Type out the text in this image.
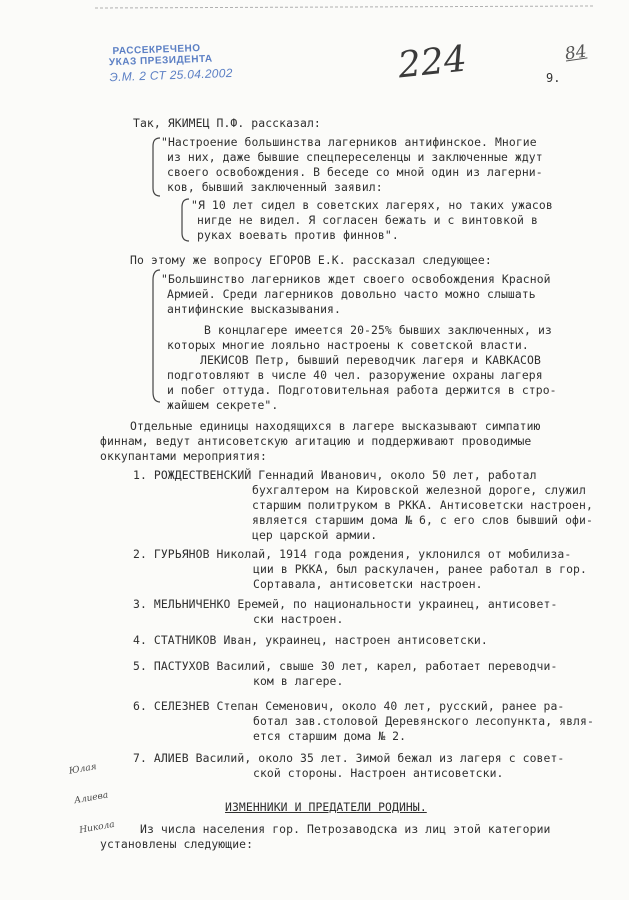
РАССЕКРЕЧЕНО
УКАЗ ПРЕЗИДЕНТА
Э.М. 2 СТ 25.04.2002	224	9.
84
Так, ЯКИМЕЦ П.Ф. рассказал:
"Настроение большинства лагерников антифинское. Многие
из них, даже бывшие спецпереселенцы и заключенные ждут
своего освобождения. В беседе со мной один из лагерни-
ков, бывший заключенный заявил:
"Я 10 лет сидел в советских лагерях, но таких ужасов
нигде не видел. Я согласен бежать и с винтовкой в
руках воевать против финнов".
По этому же вопросу ЕГОРОВ Е.К. рассказал следующее:
"Большинство лагерников ждет своего освобождения Красной
Армией. Среди лагерников довольно часто можно слышать
антифинские высказывания.
В концлагере имеется 20-25% бывших заключенных, из
которых многие лояльно настроены к советской власти.
ЛЕКИСОВ Петр, бывший переводчик лагеря и КАВКАСОВ
подготовляют в числе 40 чел. разоружение охраны лагеря
и побег оттуда. Подготовительная работа держится в стро-
жайшем секрете".
Отдельные единицы находящихся в лагере высказывают симпатию
финнам, ведут антисоветскую агитацию и поддерживают проводимые
оккупантами мероприятия:
1. РОЖДЕСТВЕНСКИЙ Геннадий Иванович, около 50 лет, работал
бухгалтером на Кировской железной дороге, служил
старшим политруком в РККА. Антисоветски настроен,
является старшим дома № 6, с его слов бывший офи-
цер царской армии.
2. ГУРЬЯНОВ Николай, 1914 года рождения, уклонился от мобилиза-
ции в РККА, был раскулачен, ранее работал в гор.
Сортавала, антисоветски настроен.
3. МЕЛЬНИЧЕНКО Еремей, по национальности украинец, антисовет-
ски настроен.
4. СТАТНИКОВ Иван, украинец, настроен антисоветски.
5. ПАСТУХОВ Василий, свыше 30 лет, карел, работает переводчи-
ком в лагере.
6. СЕЛЕЗНЕВ Степан Семенович, около 40 лет, русский, ранее ра-
ботал зав.столовой Деревянского лесопункта, явля-
ется старшим дома № 2.
7. АЛИЕВ Василий, около 35 лет. Зимой бежал из лагеря с совет-
ской стороны. Настроен антисоветски.
ИЗМЕННИКИ И ПРЕДАТЕЛИ РОДИНЫ.
Из числа населения гор. Петрозаводска из лиц этой категории
установлены следующие:

Юлая

Алиева

Никола
